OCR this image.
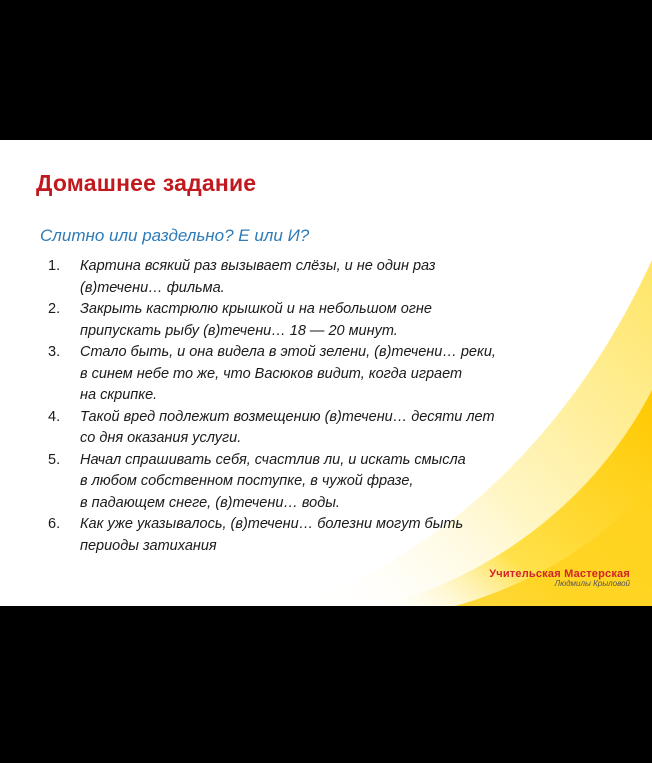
Домашнее задание
Слитно или раздельно? Е или И?
1.	Картина всякий раз вызывает слёзы, и не один раз
(в)течени… фильма.
2.	Закрыть кастрюлю крышкой и на небольшом огне
припускать рыбу (в)течени… 18 — 20 минут.
3.	Стало быть, и она видела в этой зелени, (в)течени… реки,
в синем небе то же, что Васюков видит, когда играет
на скрипке.
4.	Такой вред подлежит возмещению (в)течени… десяти лет
со дня оказания услуги.
5.	Начал спрашивать себя, счастлив ли, и искать смысла
в любом собственном поступке, в чужой фразе,
в падающем снеге, (в)течени… воды.
6.	Как уже указывалось, (в)течени… болезни могут быть
периоды затихания
Учительская Мастерская
Людмилы Крыловой
